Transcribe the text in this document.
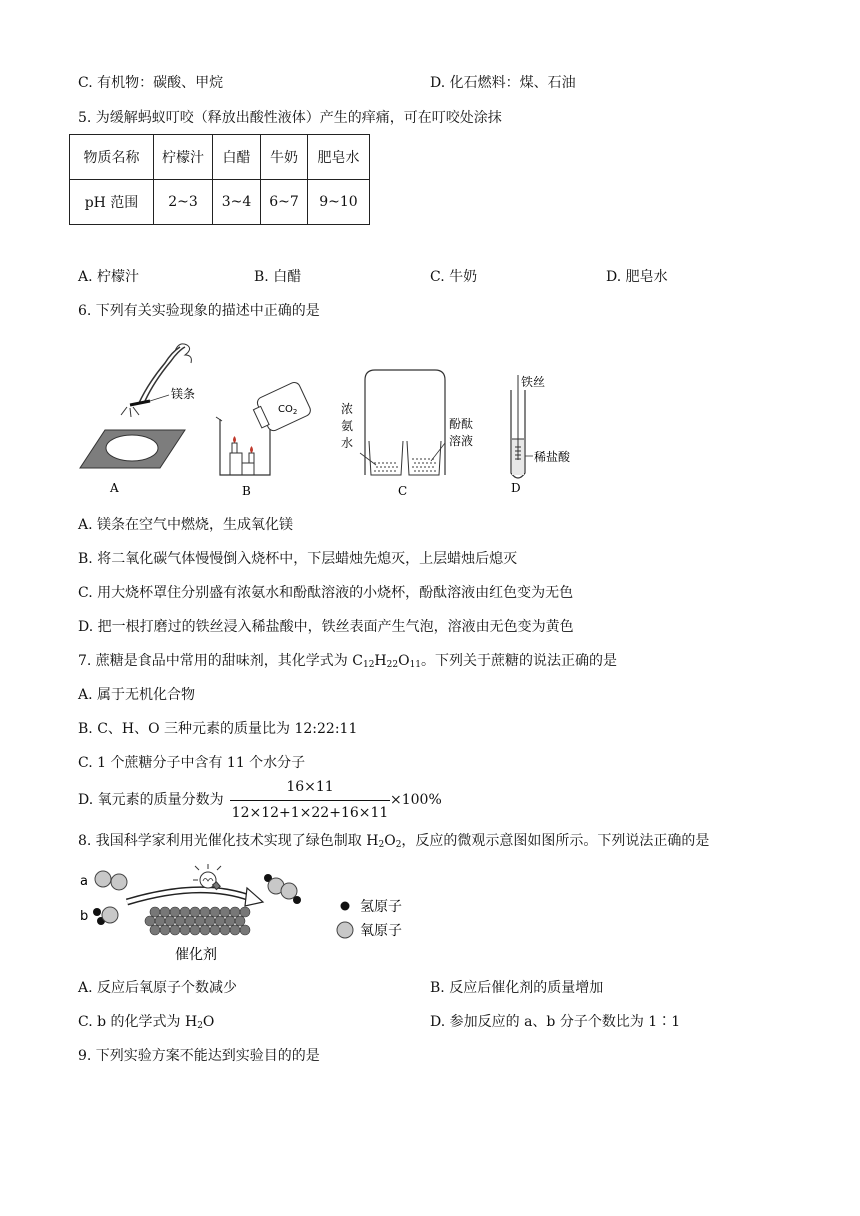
C. 有机物：碳酸、甲烷	D. 化石燃料：煤、石油
5. 为缓解蚂蚁叮咬（释放出酸性液体）产生的痒痛，可在叮咬处涂抹
物质名称	柠檬汁	白醋	牛奶	肥皂水
pH 范围	2~3	3~4	6~7	9~10
A. 柠檬汁	B. 白醋	C. 牛奶	D. 肥皂水
6. 下列有关实验现象的描述中正确的是
镁条
A
$CO_2$
B
浓氨水
酚酞溶液
C
铁丝
稀盐酸
D
A. 镁条在空气中燃烧，生成氧化镁
B. 将二氧化碳气体慢慢倒入烧杯中，下层蜡烛先熄灭，上层蜡烛后熄灭
C. 用大烧杯罩住分别盛有浓氨水和酚酞溶液的小烧杯，酚酞溶液由红色变为无色
D. 把一根打磨过的铁丝浸入稀盐酸中，铁丝表面产生气泡，溶液由无色变为黄色
7. 蔗糖是食品中常用的甜味剂，其化学式为 $C_{12}H_{22}O_{11}$。下列关于蔗糖的说法正确的是
A. 属于无机化合物
B. C、H、O 三种元素的质量比为 12:22:11
C. 1 个蔗糖分子中含有 11 个水分子
D. 氧元素的质量分数为
16×11
12×12+1×22+16×11
×100%
8. 我国科学家利用光催化技术实现了绿色制取 $H_2O_2$，反应的微观示意图如图所示。下列说法正确的是
a
b
催化剂
氢原子
氧原子
A. 反应后氧原子个数减少	B. 反应后催化剂的质量增加
C. b 的化学式为 $H_2O$	D. 参加反应的 a、b 分子个数比为 1∶1
9. 下列实验方案不能达到实验目的的是
